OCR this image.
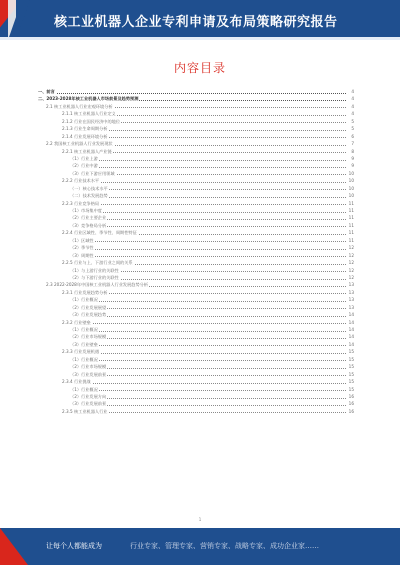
核工业机器人企业专利申请及布局策略研究报告
内容目录
一、前言	4
二、2023-2028年核工业机器人市场前景及趋势预测	4
2.1 核工业机器人行业宏观环境分析	4
2.1.1 核工业机器人行业定义	4
2.1.2 行业在国民经济中的地位	5
2.1.3 行业生命周期分析	5
2.1.4 行业发展环境分析	6
2.2 我国核工业机器人行业发展现状	7
2.2.1 核工业机器人产业链	8
（1）行业上游	9
（2）行业中游	9
（3）行业下游应用领域	10
2.2.2 行业技术水平	10
（一）核心技术水平	10
（二）技术发展趋势	10
2.2.3 行业竞争格局	11
（1）市场集中度	11
（2）行业主要企业	11
（3）竞争格局分析	11
2.2.4 行业区域性、季节性、周期性特征	11
（1）区域性	11
（2）季节性	12
（3）周期性	12
2.2.5 行业与上、下游行业之间的关系	12
（1）与上游行业的关联性	12
（2）与下游行业的关联性	12
2.3 2022-2028年中国核工业机器人行业发展趋势分析	13
2.3.1 行业发展趋势分析	13
（1）行业概况	13
（2）行业发展展望	13
（3）行业发展趋势	14
2.3.2 行业壁垒	14
（1）行业概况	14
（2）行业市场规模	14
（3）行业壁垒	14
2.3.3 行业发展机遇	15
（1）行业概况	15
（2）行业市场规模	15
（3）行业发展前景	15
2.3.4 行业挑战	15
（1）行业概况	15
（2）行业发展方向	16
（3）行业发展前景	16
2.3.5 核工业机器人行业	16
1
让每个人都能成为	行业专家、管理专家、营销专家、战略专家、成功企业家……
